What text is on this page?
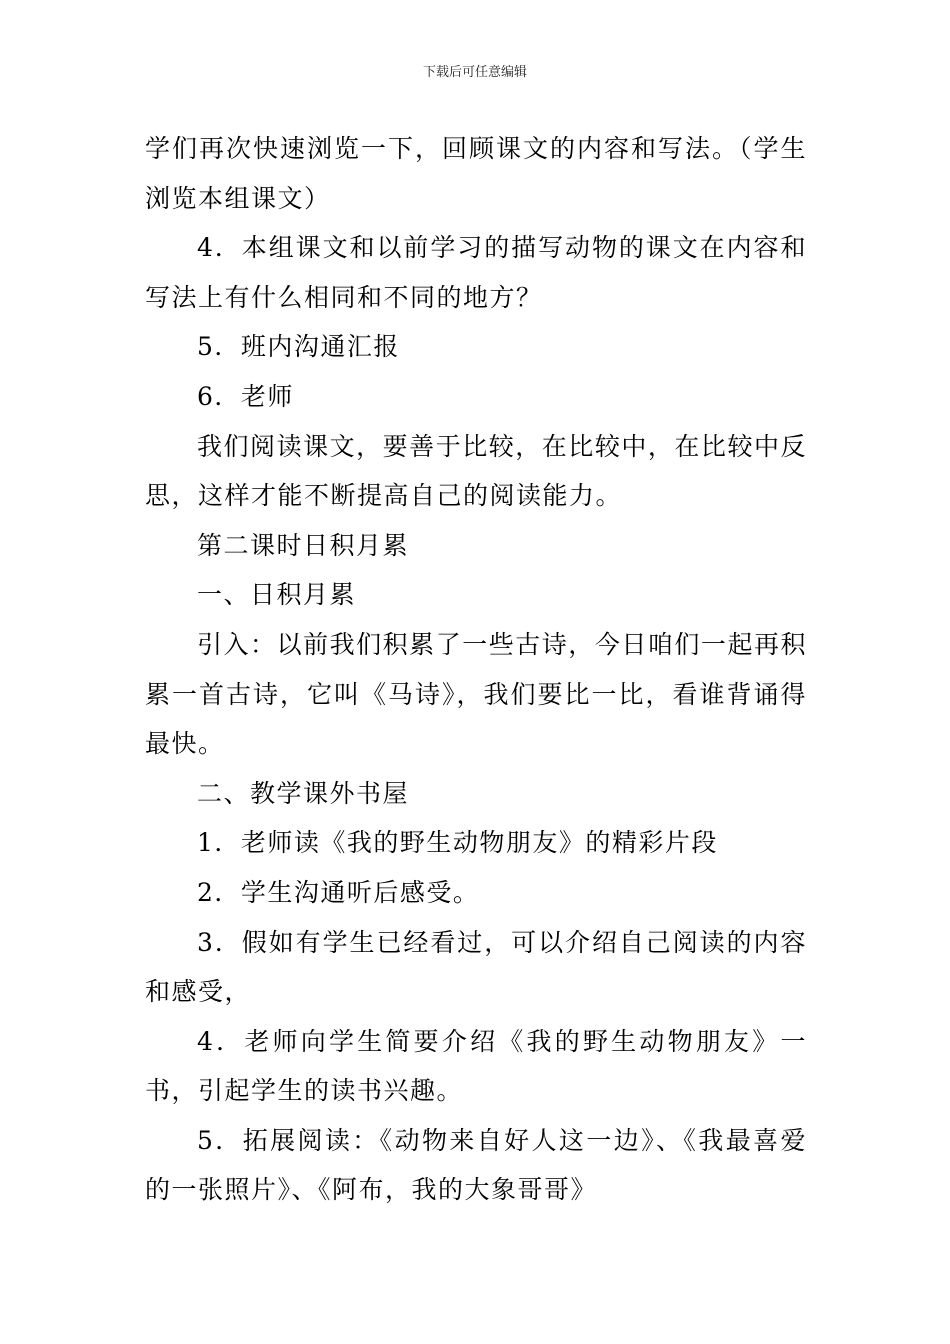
下载后可任意编辑

学们再次快速浏览一下，回顾课文的内容和写法。（学生浏览本组课文）

4．本组课文和以前学习的描写动物的课文在内容和写法上有什么相同和不同的地方？

5．班内沟通汇报

6．老师

我们阅读课文，要善于比较，在比较中，在比较中反思，这样才能不断提高自己的阅读能力。

第二课时日积月累

一、日积月累

引入：以前我们积累了一些古诗，今日咱们一起再积累一首古诗，它叫《马诗》，我们要比一比，看谁背诵得最快。

二、教学课外书屋

1．老师读《我的野生动物朋友》的精彩片段

2．学生沟通听后感受。

3．假如有学生已经看过，可以介绍自己阅读的内容和感受，

4．老师向学生简要介绍《我的野生动物朋友》一书，引起学生的读书兴趣。

5．拓展阅读：《动物来自好人这一边》、《我最喜爱的一张照片》、《阿布，我的大象哥哥》
